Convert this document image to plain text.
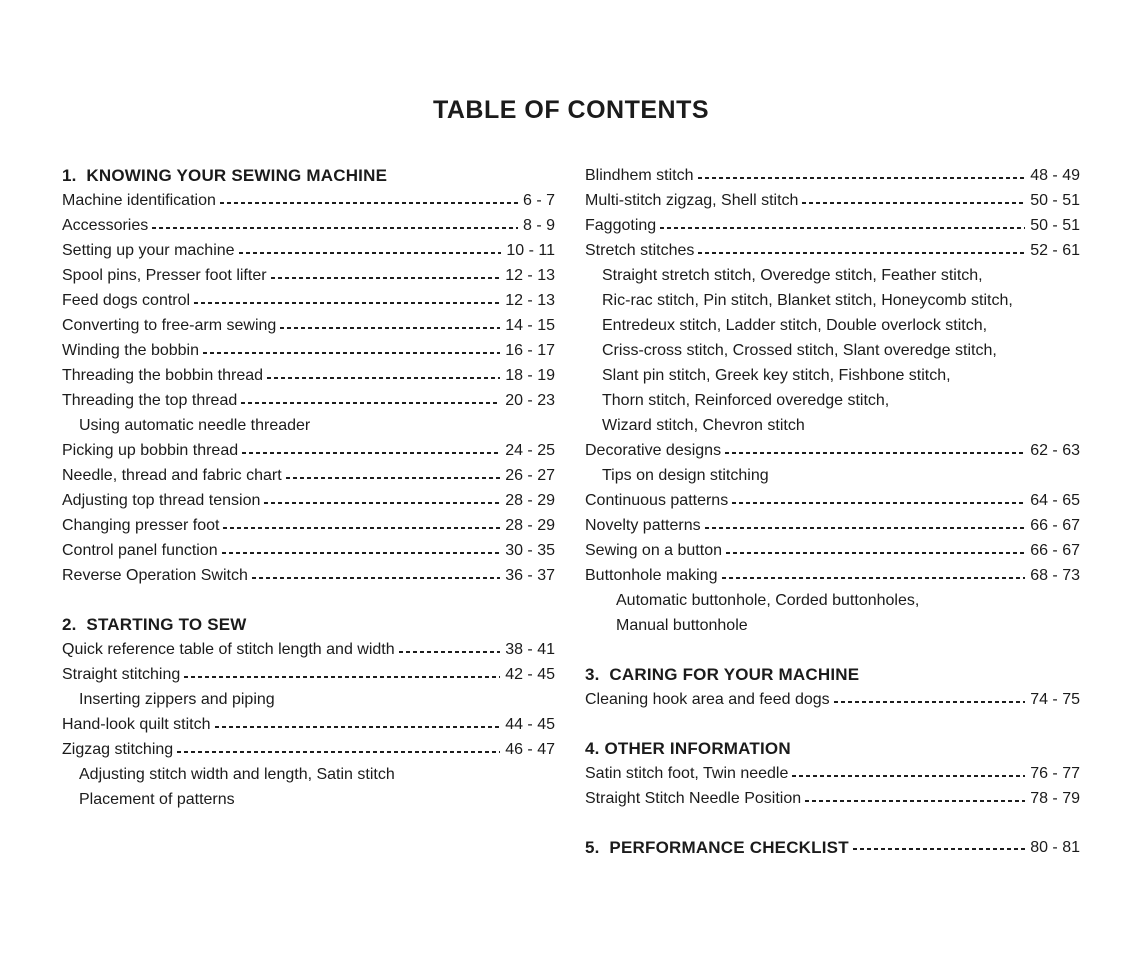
TABLE OF CONTENTS
1.  KNOWING YOUR SEWING MACHINE
Machine identification	6 - 7
Accessories	8 - 9
Setting up your machine	10 - 11
Spool pins, Presser foot lifter	12 - 13
Feed dogs control	12 - 13
Converting to free-arm sewing	14 - 15
Winding the bobbin	16 - 17
Threading the bobbin thread	18 - 19
Threading the top thread	20 - 23
Using automatic needle threader
Picking up bobbin thread	24 - 25
Needle, thread and fabric chart	26 - 27
Adjusting top thread tension	28 - 29
Changing presser foot	28 - 29
Control panel function	30 - 35
Reverse Operation Switch	36 - 37
2.  STARTING TO SEW
Quick reference table of stitch length and width	38 - 41
Straight stitching	42 - 45
Inserting zippers and piping
Hand-look quilt stitch	44 - 45
Zigzag stitching	46 - 47
Adjusting stitch width and length, Satin stitch
Placement of patterns
Blindhem stitch	48 - 49
Multi-stitch zigzag, Shell stitch	50 - 51
Faggoting	50 - 51
Stretch stitches	52 - 61
Straight stretch stitch, Overedge stitch, Feather stitch,
Ric-rac stitch, Pin stitch, Blanket stitch, Honeycomb stitch,
Entredeux stitch, Ladder stitch, Double overlock stitch,
Criss-cross stitch, Crossed stitch, Slant overedge stitch,
Slant pin stitch, Greek key stitch, Fishbone stitch,
Thorn stitch, Reinforced overedge stitch,
Wizard stitch, Chevron stitch
Decorative designs	62 - 63
Tips on design stitching
Continuous patterns	64 - 65
Novelty patterns	66 - 67
Sewing on a button	66 - 67
Buttonhole making	68 - 73
Automatic buttonhole, Corded buttonholes,
Manual buttonhole
3.  CARING FOR YOUR MACHINE
Cleaning hook area and feed dogs	74 - 75
4. OTHER INFORMATION
Satin stitch foot, Twin needle	76 - 77
Straight Stitch Needle Position	78 - 79
5.  PERFORMANCE CHECKLIST	80 - 81
